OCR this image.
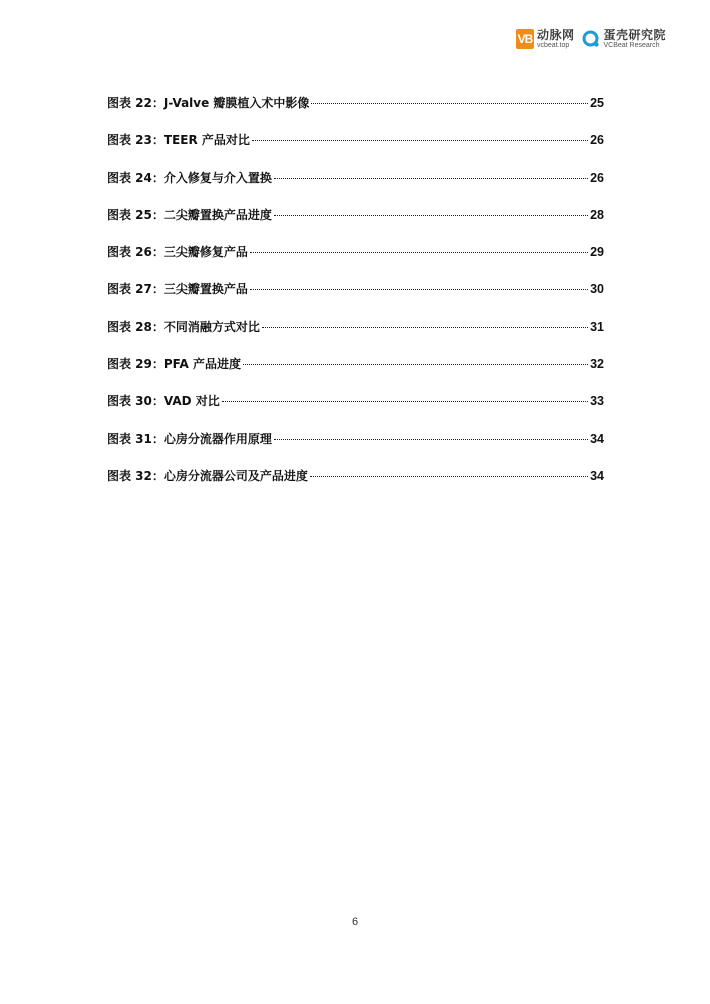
VB 动脉网
vcbeat.top
蛋壳研究院
VCBeat Research
图表 22：J-Valve 瓣膜植入术中影像	25
图表 23：TEER 产品对比	26
图表 24：介入修复与介入置换	26
图表 25：二尖瓣置换产品进度	28
图表 26：三尖瓣修复产品	29
图表 27：三尖瓣置换产品	30
图表 28：不同消融方式对比	31
图表 29：PFA 产品进度	32
图表 30：VAD 对比	33
图表 31：心房分流器作用原理	34
图表 32：心房分流器公司及产品进度	34
6
